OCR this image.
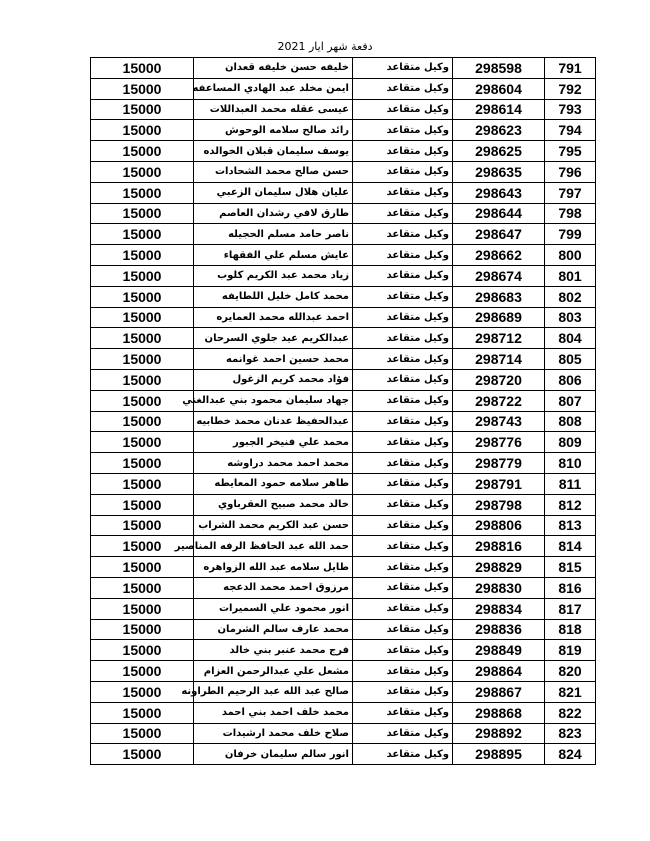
دفعة شهر ايار 2021
791	298598	وكيل متقاعد	خليفه حسن خليفه قعدان	15000
792	298604	وكيل متقاعد	ايمن مخلد عبد الهادي المساعفه	15000
793	298614	وكيل متقاعد	عيسى عقله محمد العبداللات	15000
794	298623	وكيل متقاعد	رائد صالح سلامه الوحوش	15000
795	298625	وكيل متقاعد	يوسف سليمان قبلان الخوالده	15000
796	298635	وكيل متقاعد	حسن صالح محمد الشحادات	15000
797	298643	وكيل متقاعد	عليان هلال سليمان الزعبي	15000
798	298644	وكيل متقاعد	طارق لافي رشدان العاصم	15000
799	298647	وكيل متقاعد	ناصر حامد مسلم الحجيله	15000
800	298662	وكيل متقاعد	عايش مسلم علي الفقهاء	15000
801	298674	وكيل متقاعد	زياد محمد عبد الكريم كلوب	15000
802	298683	وكيل متقاعد	محمد كامل خليل اللطايفه	15000
803	298689	وكيل متقاعد	احمد عبدالله محمد العمايره	15000
804	298712	وكيل متقاعد	عبدالكريم عيد جلوي السرحان	15000
805	298714	وكيل متقاعد	محمد حسين احمد غوانمه	15000
806	298720	وكيل متقاعد	فؤاد محمد كريم الزغول	15000
807	298722	وكيل متقاعد	جهاد سليمان محمود بني عبدالغني	15000
808	298743	وكيل متقاعد	عبدالحفيظ عدنان محمد خطابيه	15000
809	298776	وكيل متقاعد	محمد علي فنيخر الجبور	15000
810	298779	وكيل متقاعد	محمد احمد محمد دراوشه	15000
811	298791	وكيل متقاعد	طاهر سلامه حمود المعايطه	15000
812	298798	وكيل متقاعد	خالد محمد صبيح العقرباوي	15000
813	298806	وكيل متقاعد	حسن عبد الكريم محمد الشراب	15000
814	298816	وكيل متقاعد	حمد الله عبد الحافظ الرفه المناصير	15000
815	298829	وكيل متقاعد	طايل سلامه عبد الله الزواهره	15000
816	298830	وكيل متقاعد	مرزوق احمد محمد الدعجه	15000
817	298834	وكيل متقاعد	انور محمود علي السميرات	15000
818	298836	وكيل متقاعد	محمد عارف سالم الشرمان	15000
819	298849	وكيل متقاعد	فرج محمد عنبر بني خالد	15000
820	298864	وكيل متقاعد	مشعل علي عبدالرحمن العزام	15000
821	298867	وكيل متقاعد	صالح عبد الله عبد الرحيم الطراونه	15000
822	298868	وكيل متقاعد	محمد خلف احمد بني احمد	15000
823	298892	وكيل متقاعد	صلاح خلف محمد ارشيدات	15000
824	298895	وكيل متقاعد	انور سالم سليمان خرفان	15000
